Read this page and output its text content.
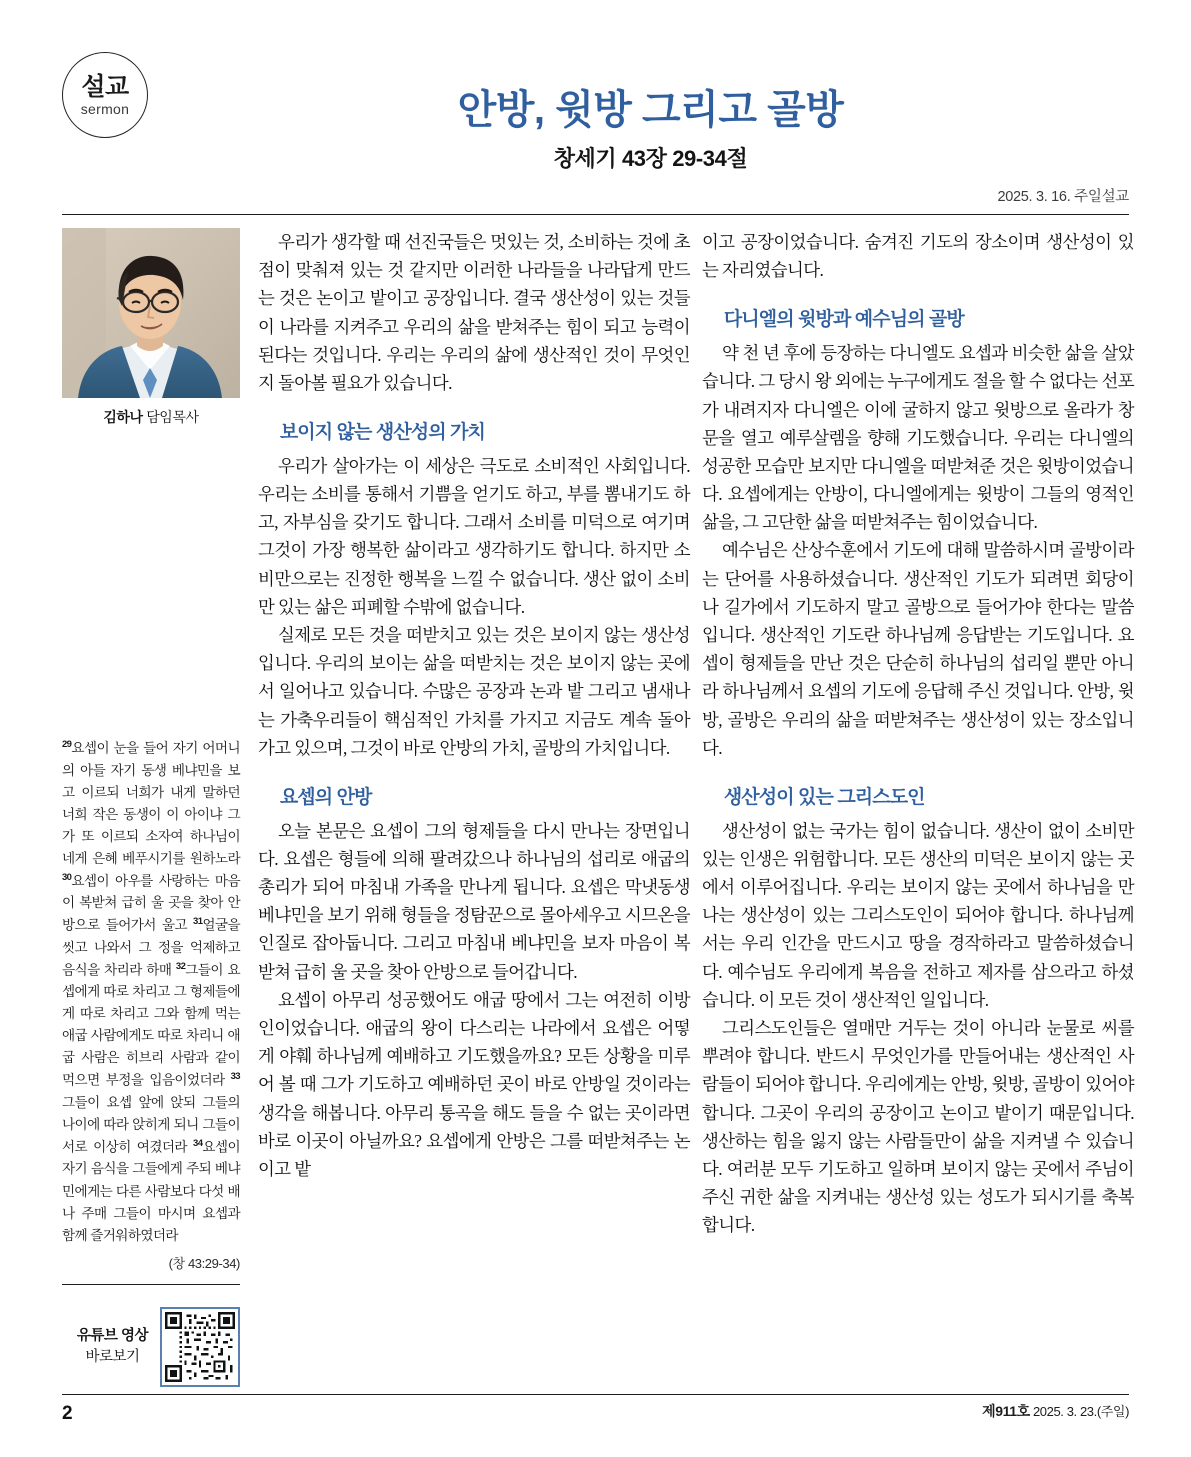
설교
sermon	안방, 윗방 그리고 골방
창세기 43장 29-34절
2025. 3. 16. 주일설교
김하나 담임목사
$^{29}$요셉이 눈을 들어 자기 어머니의 아들 자기 동생 베냐민을 보고 이르되 너희가 내게 말하던 너희 작은 동생이 이 아이냐 그가 또 이르되 소자여 하나님이 네게 은혜 베푸시기를 원하노라 $^{30}$요셉이 아우를 사랑하는 마음이 복받쳐 급히 울 곳을 찾아 안방으로 들어가서 울고 $^{31}$얼굴을 씻고 나와서 그 정을 억제하고 음식을 차리라 하매 $^{32}$그들이 요셉에게 따로 차리고 그 형제들에게 따로 차리고 그와 함께 먹는 애굽 사람에게도 따로 차리니 애굽 사람은 히브리 사람과 같이 먹으면 부정을 입음이었더라 $^{33}$그들이 요셉 앞에 앉되 그들의 나이에 따라 앉히게 되니 그들이 서로 이상히 여겼더라 $^{34}$요셉이 자기 음식을 그들에게 주되 베냐민에게는 다른 사람보다 다섯 배나 주매 그들이 마시며 요셉과 함께 즐거워하였더라
(창 43:29-34)
유튜브 영상
바로보기

우리가 생각할 때 선진국들은 멋있는 것, 소비하는 것에 초점이 맞춰져 있는 것 같지만 이러한 나라들을 나라답게 만드는 것은 논이고 밭이고 공장입니다. 결국 생산성이 있는 것들이 나라를 지켜주고 우리의 삶을 받쳐주는 힘이 되고 능력이 된다는 것입니다. 우리는 우리의 삶에 생산적인 것이 무엇인지 돌아볼 필요가 있습니다.

보이지 않는 생산성의 가치

우리가 살아가는 이 세상은 극도로 소비적인 사회입니다. 우리는 소비를 통해서 기쁨을 얻기도 하고, 부를 뽐내기도 하고, 자부심을 갖기도 합니다. 그래서 소비를 미덕으로 여기며 그것이 가장 행복한 삶이라고 생각하기도 합니다. 하지만 소비만으로는 진정한 행복을 느낄 수 없습니다. 생산 없이 소비만 있는 삶은 피폐할 수밖에 없습니다.

실제로 모든 것을 떠받치고 있는 것은 보이지 않는 생산성입니다. 우리의 보이는 삶을 떠받치는 것은 보이지 않는 곳에서 일어나고 있습니다. 수많은 공장과 논과 밭 그리고 냄새나는 가축우리들이 핵심적인 가치를 가지고 지금도 계속 돌아가고 있으며, 그것이 바로 안방의 가치, 골방의 가치입니다.

요셉의 안방

오늘 본문은 요셉이 그의 형제들을 다시 만나는 장면입니다. 요셉은 형들에 의해 팔려갔으나 하나님의 섭리로 애굽의 총리가 되어 마침내 가족을 만나게 됩니다. 요셉은 막냇동생 베냐민을 보기 위해 형들을 정탐꾼으로 몰아세우고 시므온을 인질로 잡아둡니다. 그리고 마침내 베냐민을 보자 마음이 복받쳐 급히 울 곳을 찾아 안방으로 들어갑니다.

요셉이 아무리 성공했어도 애굽 땅에서 그는 여전히 이방인이었습니다. 애굽의 왕이 다스리는 나라에서 요셉은 어떻게 야훼 하나님께 예배하고 기도했을까요? 모든 상황을 미루어 볼 때 그가 기도하고 예배하던 곳이 바로 안방일 것이라는 생각을 해봅니다. 아무리 통곡을 해도 들을 수 없는 곳이라면 바로 이곳이 아닐까요? 요셉에게 안방은 그를 떠받쳐주는 논이고 밭

이고 공장이었습니다. 숨겨진 기도의 장소이며 생산성이 있는 자리였습니다.

다니엘의 윗방과 예수님의 골방

약 천 년 후에 등장하는 다니엘도 요셉과 비슷한 삶을 살았습니다. 그 당시 왕 외에는 누구에게도 절을 할 수 없다는 선포가 내려지자 다니엘은 이에 굴하지 않고 윗방으로 올라가 창문을 열고 예루살렘을 향해 기도했습니다. 우리는 다니엘의 성공한 모습만 보지만 다니엘을 떠받쳐준 것은 윗방이었습니다. 요셉에게는 안방이, 다니엘에게는 윗방이 그들의 영적인 삶을, 그 고단한 삶을 떠받쳐주는 힘이었습니다.

예수님은 산상수훈에서 기도에 대해 말씀하시며 골방이라는 단어를 사용하셨습니다. 생산적인 기도가 되려면 회당이나 길가에서 기도하지 말고 골방으로 들어가야 한다는 말씀입니다. 생산적인 기도란 하나님께 응답받는 기도입니다. 요셉이 형제들을 만난 것은 단순히 하나님의 섭리일 뿐만 아니라 하나님께서 요셉의 기도에 응답해 주신 것입니다. 안방, 윗방, 골방은 우리의 삶을 떠받쳐주는 생산성이 있는 장소입니다.

생산성이 있는 그리스도인

생산성이 없는 국가는 힘이 없습니다. 생산이 없이 소비만 있는 인생은 위험합니다. 모든 생산의 미덕은 보이지 않는 곳에서 이루어집니다. 우리는 보이지 않는 곳에서 하나님을 만나는 생산성이 있는 그리스도인이 되어야 합니다. 하나님께서는 우리 인간을 만드시고 땅을 경작하라고 말씀하셨습니다. 예수님도 우리에게 복음을 전하고 제자를 삼으라고 하셨습니다. 이 모든 것이 생산적인 일입니다.

그리스도인들은 열매만 거두는 것이 아니라 눈물로 씨를 뿌려야 합니다. 반드시 무엇인가를 만들어내는 생산적인 사람들이 되어야 합니다. 우리에게는 안방, 윗방, 골방이 있어야 합니다. 그곳이 우리의 공장이고 논이고 밭이기 때문입니다. 생산하는 힘을 잃지 않는 사람들만이 삶을 지켜낼 수 있습니다. 여러분 모두 기도하고 일하며 보이지 않는 곳에서 주님이 주신 귀한 삶을 지켜내는 생산성 있는 성도가 되시기를 축복합니다.

2	제911호 2025. 3. 23.(주일)
